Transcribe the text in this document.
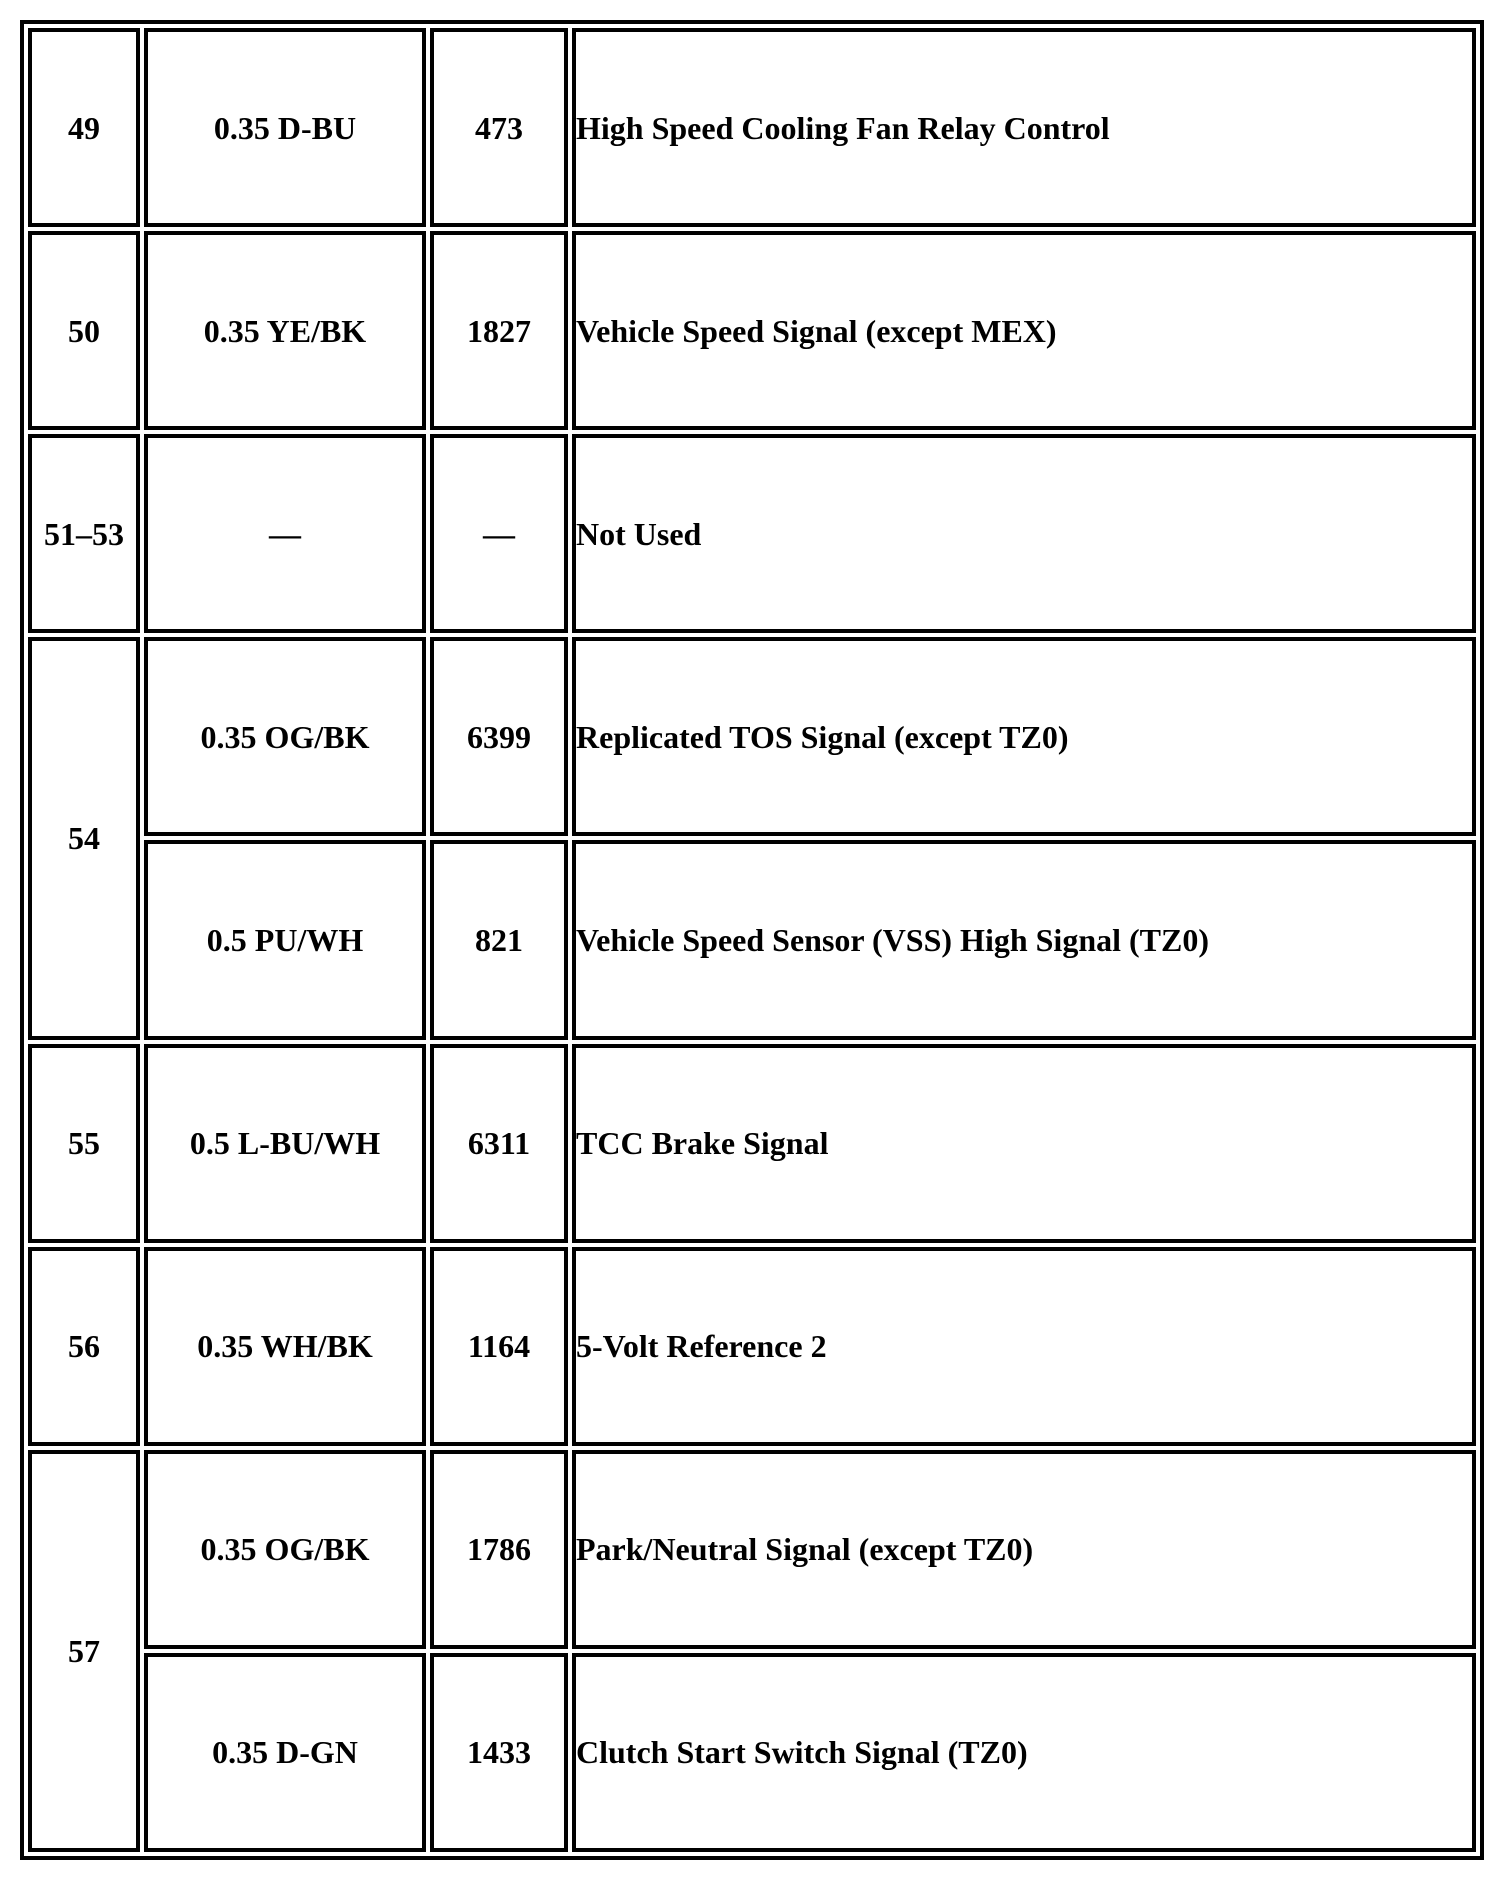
49	0.35 D-BU	473	High Speed Cooling Fan Relay Control
50	0.35 YE/BK	1827	Vehicle Speed Signal (except MEX)
51–53	—	—	Not Used
54	0.35 OG/BK	6399	Replicated TOS Signal (except TZ0)
	0.5 PU/WH	821	Vehicle Speed Sensor (VSS) High Signal (TZ0)
55	0.5 L-BU/WH	6311	TCC Brake Signal
56	0.35 WH/BK	1164	5-Volt Reference 2
57	0.35 OG/BK	1786	Park/Neutral Signal (except TZ0)
	0.35 D-GN	1433	Clutch Start Switch Signal (TZ0)
